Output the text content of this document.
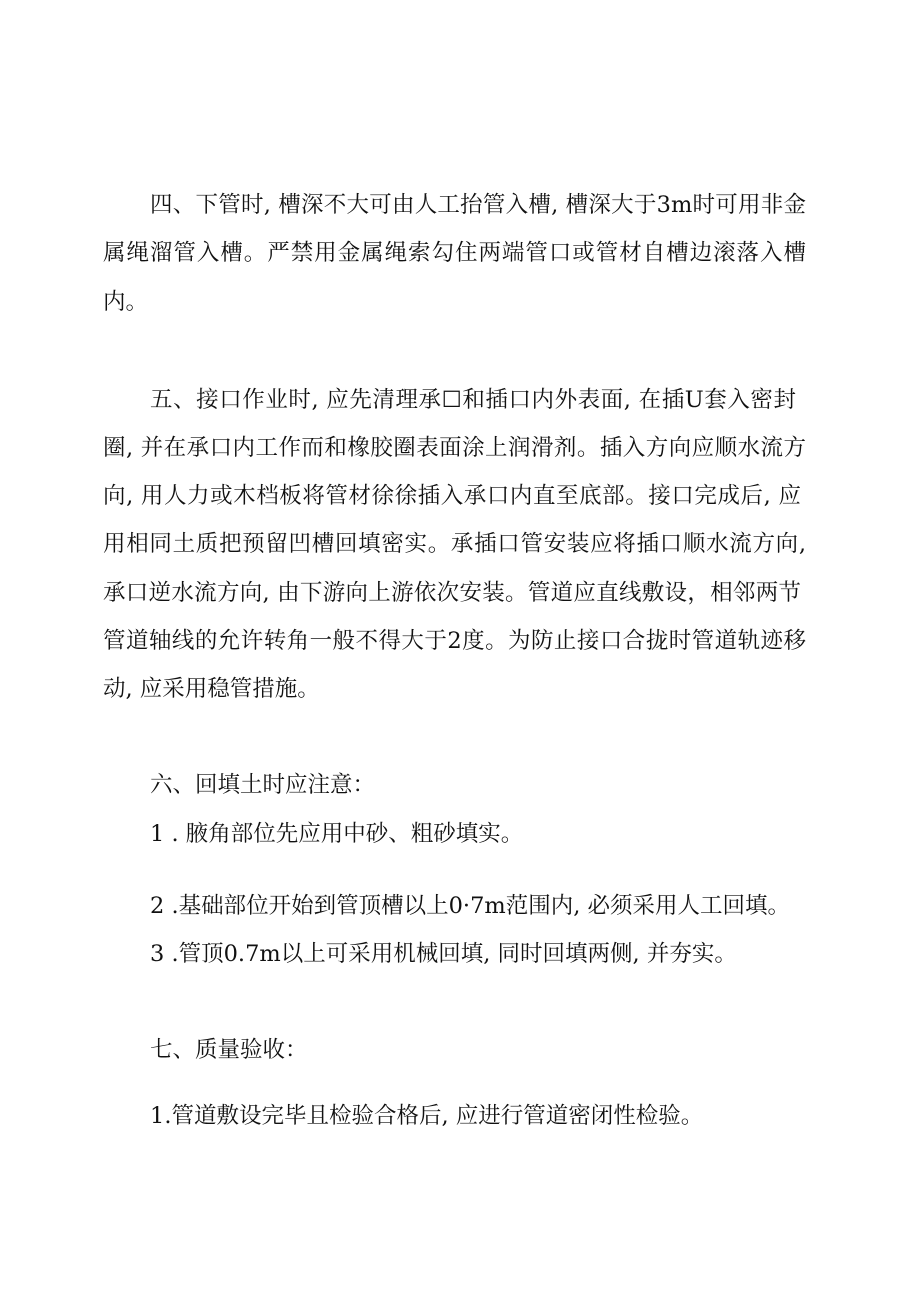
四、下管时, 槽深不大可由人工抬管入槽, 槽深大于3m时可用非金
属绳溜管入槽。严禁用金属绳索勾住两端管口或管材自槽边滚落入槽
内。
五、接口作业时, 应先清理承☐和插口内外表面, 在插U套入密封
圈, 并在承口内工作而和橡胶圈表面涂上润滑剂。插入方向应顺水流方
向, 用人力或木档板将管材徐徐插入承口内直至底部。接口完成后, 应
用相同土质把预留凹槽回填密实。承插口管安装应将插口顺水流方向,
承口逆水流方向, 由下游向上游依次安装。管道应直线敷设，相邻两节
管道轴线的允许转角一般不得大于2度。为防止接口合拢时管道轨迹移
动, 应采用稳管措施。
六、回填土时应注意：
1 . 腋角部位先应用中砂、粗砂填实。
2 .基础部位开始到管顶槽以上0·7m范围内, 必须采用人工回填。
3 .管顶0.7m以上可采用机械回填, 同时回填两侧, 并夯实。
七、质量验收：
1.管道敷设完毕且检验合格后, 应进行管道密闭性检验。
